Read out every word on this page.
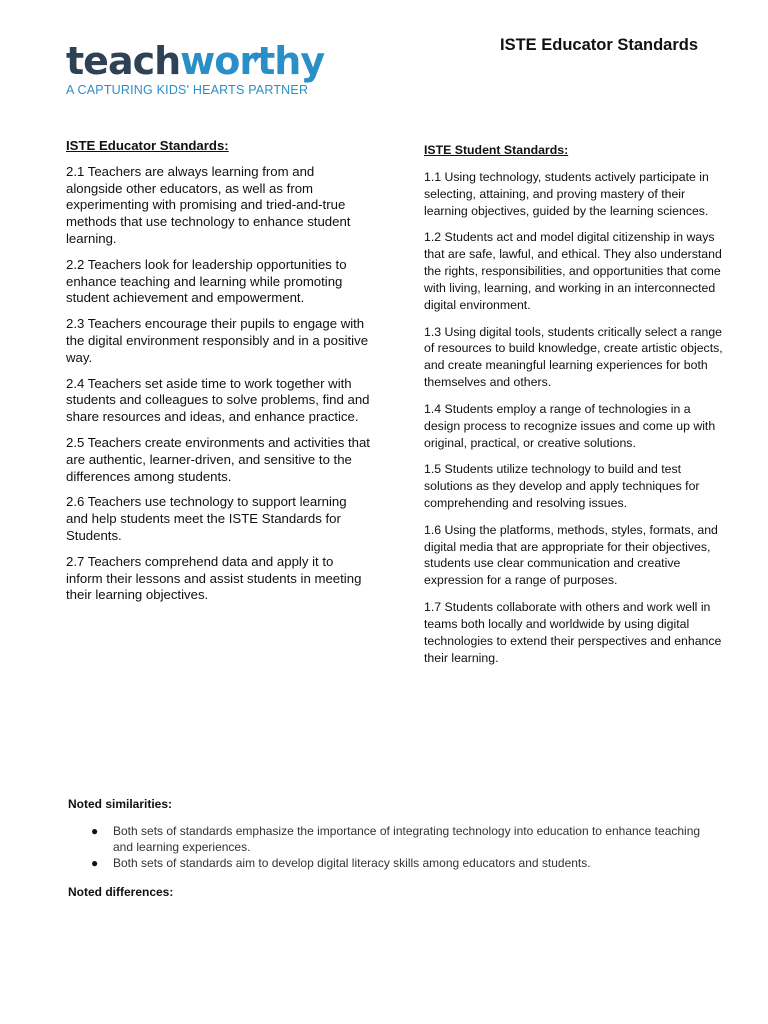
teachworthy
A CAPTURING KIDS' HEARTS PARTNER
ISTE Educator Standards

ISTE Educator Standards:

2.1 Teachers are always learning from and alongside other educators, as well as from experimenting with promising and tried-and-true methods that use technology to enhance student learning.

2.2 Teachers look for leadership opportunities to enhance teaching and learning while promoting student achievement and empowerment.

2.3 Teachers encourage their pupils to engage with the digital environment responsibly and in a positive way.

2.4 Teachers set aside time to work together with students and colleagues to solve problems, find and share resources and ideas, and enhance practice.

2.5 Teachers create environments and activities that are authentic, learner-driven, and sensitive to the differences among students.

2.6 Teachers use technology to support learning and help students meet the ISTE Standards for Students.

2.7 Teachers comprehend data and apply it to inform their lessons and assist students in meeting their learning objectives.

ISTE Student Standards:

1.1 Using technology, students actively participate in selecting, attaining, and proving mastery of their learning objectives, guided by the learning sciences.

1.2 Students act and model digital citizenship in ways that are safe, lawful, and ethical. They also understand the rights, responsibilities, and opportunities that come with living, learning, and working in an interconnected digital environment.

1.3 Using digital tools, students critically select a range of resources to build knowledge, create artistic objects, and create meaningful learning experiences for both themselves and others.

1.4 Students employ a range of technologies in a design process to recognize issues and come up with original, practical, or creative solutions.

1.5 Students utilize technology to build and test solutions as they develop and apply techniques for comprehending and resolving issues.

1.6 Using the platforms, methods, styles, formats, and digital media that are appropriate for their objectives, students use clear communication and creative expression for a range of purposes.

1.7 Students collaborate with others and work well in teams both locally and worldwide by using digital technologies to extend their perspectives and enhance their learning.

Noted similarities:

● Both sets of standards emphasize the importance of integrating technology into education to enhance teaching and learning experiences.
● Both sets of standards aim to develop digital literacy skills among educators and students.

Noted differences:
